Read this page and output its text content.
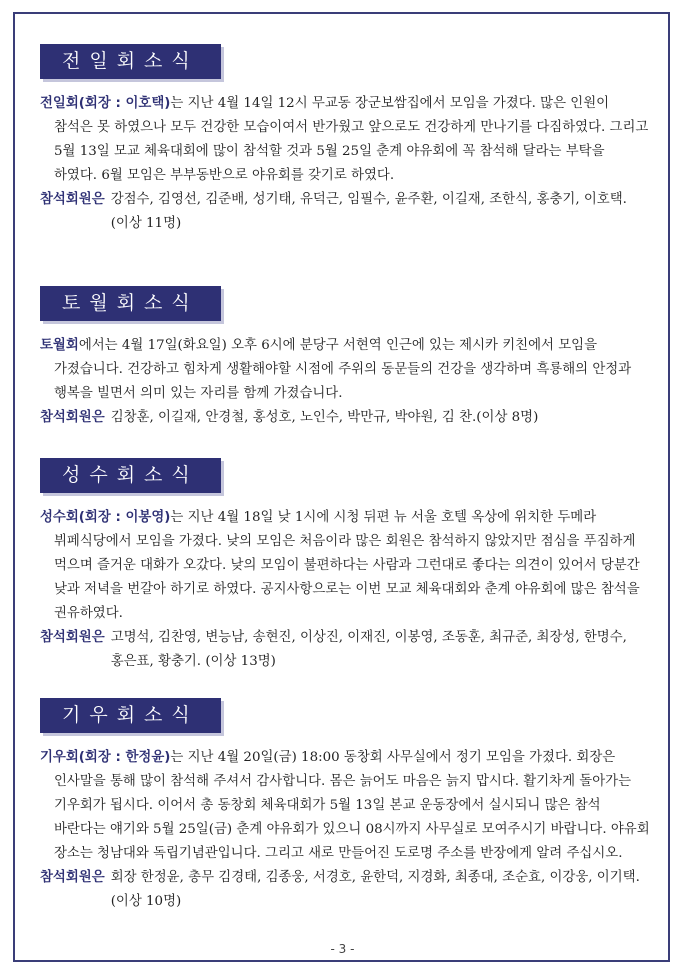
전일회소식
전일회(회장 : 이호택)는 지난 4월 14일 12시 무교동 장군보쌈집에서 모임을 가졌다. 많은 인원이 참석은 못 하였으나 모두 건강한 모습이여서 반가웠고 앞으로도 건강하게 만나기를 다짐하였다. 그리고 5월 13일 모교 체육대회에 많이 참석할 것과 5월 25일 춘계 야유회에 꼭 참석해 달라는 부탁을 하였다. 6월 모임은 부부동반으로 야유회를 갖기로 하였다.
참석회원은 강점수, 김영선, 김준배, 성기태, 유덕근, 임필수, 윤주환, 이길재, 조한식, 홍충기, 이호택. (이상 11명)
토월회소식
토월회에서는 4월 17일(화요일) 오후 6시에 분당구 서현역 인근에 있는 제시카 키친에서 모임을 가졌습니다. 건강하고 힘차게 생활해야할 시점에 주위의 동문들의 건강을 생각하며 흑룡해의 안정과 행복을 빌면서 의미 있는 자리를 함께 가졌습니다.
참석회원은 김창훈, 이길재, 안경철, 홍성호, 노인수, 박만규, 박야원, 김 찬.(이상 8명)
성수회소식
성수회(회장 : 이봉영)는 지난 4월 18일 낮 1시에 시청 뒤편 뉴 서울 호텔 옥상에 위치한 두메라 뷔페식당에서 모임을 가졌다. 낮의 모임은 처음이라 많은 회원은 참석하지 않았지만 점심을 푸짐하게 먹으며 즐거운 대화가 오갔다. 낮의 모임이 불편하다는 사람과 그런대로 좋다는 의견이 있어서 당분간 낮과 저녁을 번갈아 하기로 하였다. 공지사항으로는 이번 모교 체육대회와 춘계 야유회에 많은 참석을 권유하였다.
참석회원은 고명석, 김찬영, 변능남, 송현진, 이상진, 이재진, 이봉영, 조동훈, 최규준, 최장성, 한명수, 홍은표, 황충기. (이상 13명)
기우회소식
기우회(회장 : 한정윤)는 지난 4월 20일(금) 18:00 동창회 사무실에서 정기 모임을 가졌다. 회장은 인사말을 통해 많이 참석해 주셔서 감사합니다. 몸은 늙어도 마음은 늙지 맙시다. 활기차게 돌아가는 기우회가 됩시다. 이어서 총 동창회 체육대회가 5월 13일 본교 운동장에서 실시되니 많은 참석 바란다는 얘기와 5월 25일(금) 춘계 야유회가 있으니 08시까지 사무실로 모여주시기 바랍니다. 야유회 장소는 청남대와 독립기념관입니다. 그리고 새로 만들어진 도로명 주소를 반장에게 알려 주십시오.
참석회원은 회장 한정윤, 총무 김경태, 김종웅, 서경호, 윤한덕, 지경화, 최종대, 조순효, 이강웅, 이기택. (이상 10명)
- 3 -
